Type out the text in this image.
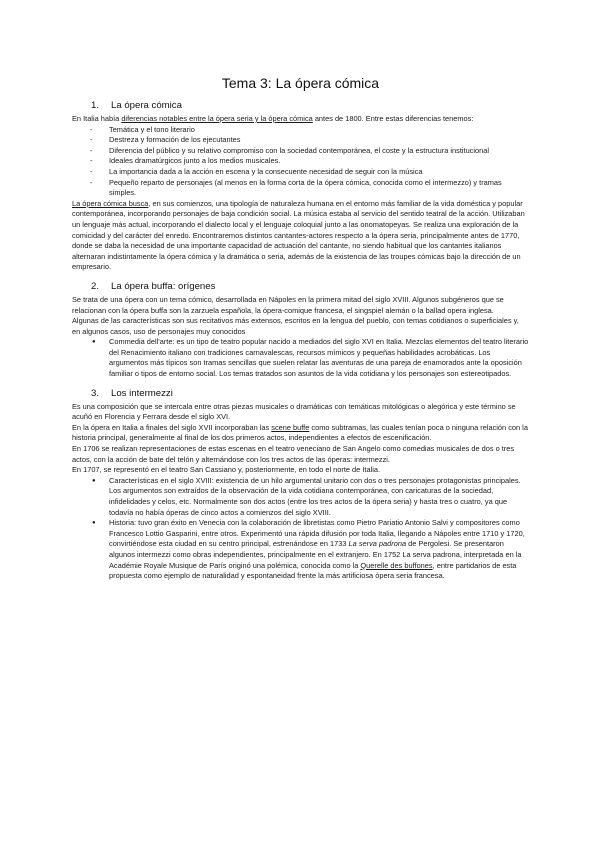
Tema 3: La ópera cómica
1. La ópera cómica

En Italia había diferencias notables entre la ópera seria y la ópera cómica antes de 1800. Entre estas diferencias tenemos:

- Temática y el tono literario
- Destreza y formación de los ejecutantes
- Diferencia del público y su relativo compromiso con la sociedad contemporánea, el coste y la estructura institucional
- Ideales dramatúrgicos junto a los medios musicales.
- La importancia dada a la acción en escena y la consecuente necesidad de seguir con la música
- Pequeño reparto de personajes (al menos en la forma corta de la ópera cómica, conocida como el intermezzo) y tramas simples.

La ópera cómica busca, en sus comienzos, una tipología de naturaleza humana en el entorno más familiar de la vida doméstica y popular contemporánea, incorporando personajes de baja condición social. La música estaba al servicio del sentido teatral de la acción. Utilizaban un lenguaje más actual, incorporando el dialecto local y el lenguaje coloquial junto a las onomatopeyas. Se realiza una exploración de la comicidad y del carácter del enredo. Encontraremos distintos cantantes-actores respecto a la ópera seria, principalmente antes de 1770, donde se daba la necesidad de una importante capacidad de actuación del cantante, no siendo habitual que los cantantes italianos alternaran indistintamente la ópera cómica y la dramática o seria, además de la existencia de las troupes cómicas bajo la dirección de un empresario.

2. La ópera buffa: orígenes

Se trata de una ópera con un tema cómico, desarrollada en Nápoles en la primera mitad del siglo XVIII. Algunos subgéneros que se relacionan con la ópera buffa son la zarzuela española, la ópera-comique francesa, el singspiel alemán o la ballad opera inglesa.

Algunas de las características son sus recitativos más extensos, escritos en la lengua del pueblo, con temas cotidianos o superficiales y, en algunos casos, uso de personajes muy conocidos

● Commedia dell'arte: es un tipo de teatro popular nacido a mediados del siglo XVI en Italia. Mezclas elementos del teatro literario del Renacimiento italiano con tradiciones carnavalescas, recursos mímicos y pequeñas habilidades acrobáticas. Los argumentos más típicos son tramas sencillas que suelen relatar las aventuras de una pareja de enamorados ante la oposición familiar o tipos de entorno social. Los temas tratados son asuntos de la vida cotidiana y los personajes son estereotipados.
3. Los intermezzi

Es una composición que se intercala entre otras piezas musicales o dramáticas con temáticas mitológicas o alegórica y este término se acuñó en Florencia y Ferrara desde el siglo XVI.

En la ópera en Italia a finales del siglo XVII incorporaban las scene buffe como subtramas, las cuales tenían poca o ninguna relación con la historia principal, generalmente al final de los dos primeros actos, independientes a efectos de escenificación.

En 1706 se realizan representaciones de estas escenas en el teatro veneciano de San Angelo como comedias musicales de dos o tres actos, con la acción de bate del telón y alternándose con los tres actos de las óperas: intermezzi.

En 1707, se representó en el teatro San Cassiano y, posteriormente, en todo el norte de Italia.

● Características en el siglo XVIII: existencia de un hilo argumental unitario con dos o tres personajes protagonistas principales. Los argumentos son extraídos de la observación de la vida cotidiana contemporánea, con caricaturas de la sociedad, infidelidades y celos, etc. Normalmente son dos actos (entre los tres actos de la ópera seria) y hasta tres o cuatro, ya que todavía no había óperas de cinco actos a comienzos del siglo XVIII.
● Historia: tuvo gran éxito en Venecia con la colaboración de libretistas como Pietro Pariatio Antonio Salvi y compositores como Francesco Lottio Gasparini, entre otros. Experimentó una rápida difusión por toda Italia, llegando a Nápoles entre 1710 y 1720, convirtiéndose esta ciudad en su centro principal, estrenándose en 1733 La serva padrona de Pergolesi. Se presentaron algunos intermezzi como obras independientes, principalmente en el extranjero. En 1752 La serva padrona, interpretada en la Académie Royale Musique de París originó una polémica, conocida como la Querelle des buffones, entre partidarios de esta propuesta como ejemplo de naturalidad y espontaneidad frente la más artificiosa ópera seria francesa.
